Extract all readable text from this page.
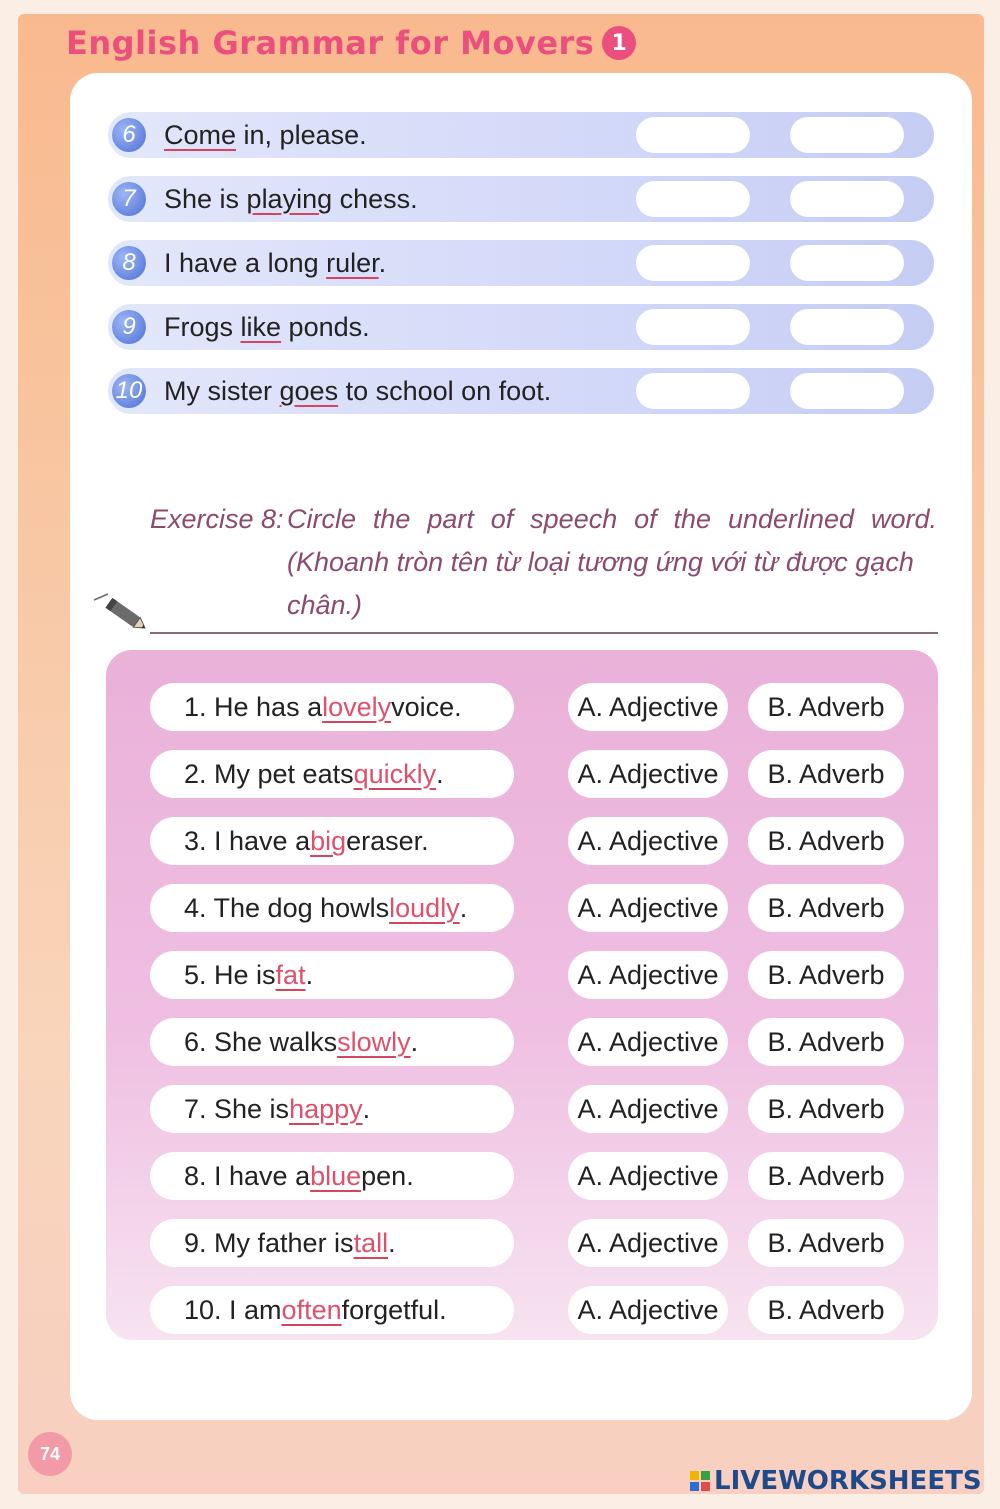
English Grammar for Movers 1
6	Come in, please.
7	She is playing chess.
8	I have a long ruler.
9	Frogs like ponds.
10 My sister goes to school on foot.
Exercise 8: Circle the part of speech of the underlined word.
(Khoanh tròn tên từ loại tương ứng với từ được gạch chân.)
1. He has a lovely voice.	A. Adjective	B. Adverb
2. My pet eats quickly .	A. Adjective	B. Adverb
3. I have a big eraser.	A. Adjective	B. Adverb
4. The dog howls loudly .	A. Adjective	B. Adverb
5. He is fat .	A. Adjective	B. Adverb
6. She walks slowly .	A. Adjective	B. Adverb
7. She is happy .	A. Adjective	B. Adverb
8. I have a blue pen.	A. Adjective	B. Adverb
9. My father is tall .	A. Adjective	B. Adverb
10. I am often forgetful.	A. Adjective	B. Adverb
74
LIVEWORKSHEETS
